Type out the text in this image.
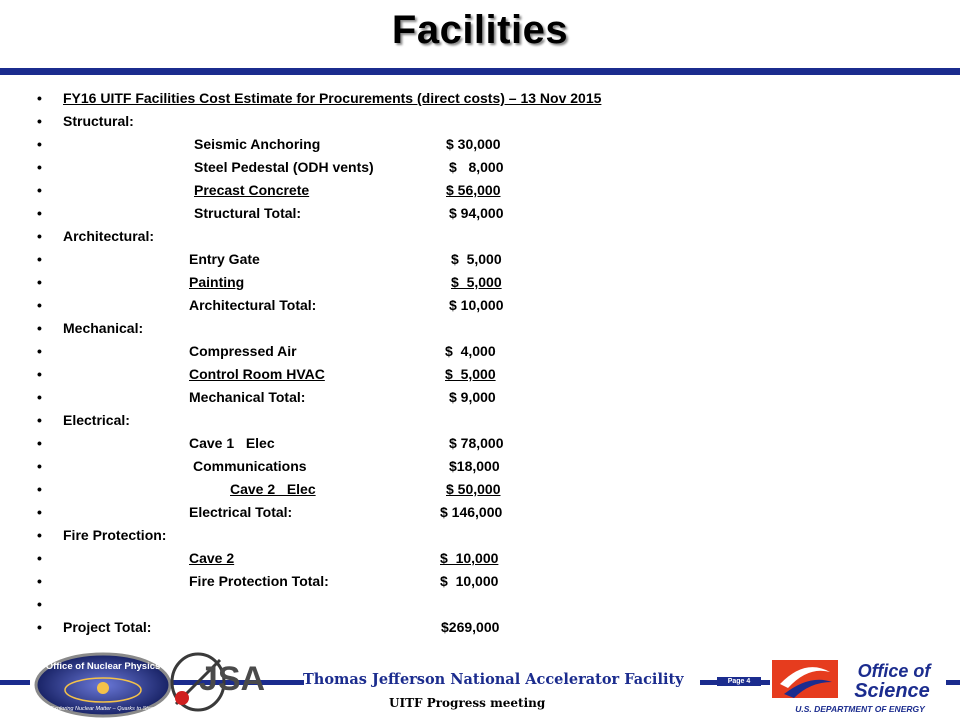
Facilities
• FY16 UITF Facilities Cost Estimate for Procurements (direct costs) – 13 Nov 2015
• Structural:
•	Seismic Anchoring	$ 30,000
•	Steel Pedestal (ODH vents)	$   8,000
•	Precast Concrete	$ 56,000
•	Structural Total:	$ 94,000
• Architectural:
•	Entry Gate	$  5,000
•	Painting	$  5,000
•	Architectural Total:	$ 10,000
• Mechanical:
•	Compressed Air	$  4,000
•	Control Room HVAC	$  5,000
•	Mechanical Total:	$ 9,000
• Electrical:
•	Cave 1   Elec	$ 78,000
•	Communications	$18,000
•	Cave 2   Elec	$ 50,000
•	Electrical Total:	$ 146,000
• Fire Protection:
•	Cave 2	$  10,000
•	Fire Protection Total:	$  10,000
•
• Project Total:	$269,000
Thomas Jefferson National Accelerator Facility
UITF Progress meeting
Page 4
Office of Nuclear Physics
Exploring Nuclear Matter – Quarks to Stars
JSA	Office of
Science
U.S. DEPARTMENT OF ENERGY
